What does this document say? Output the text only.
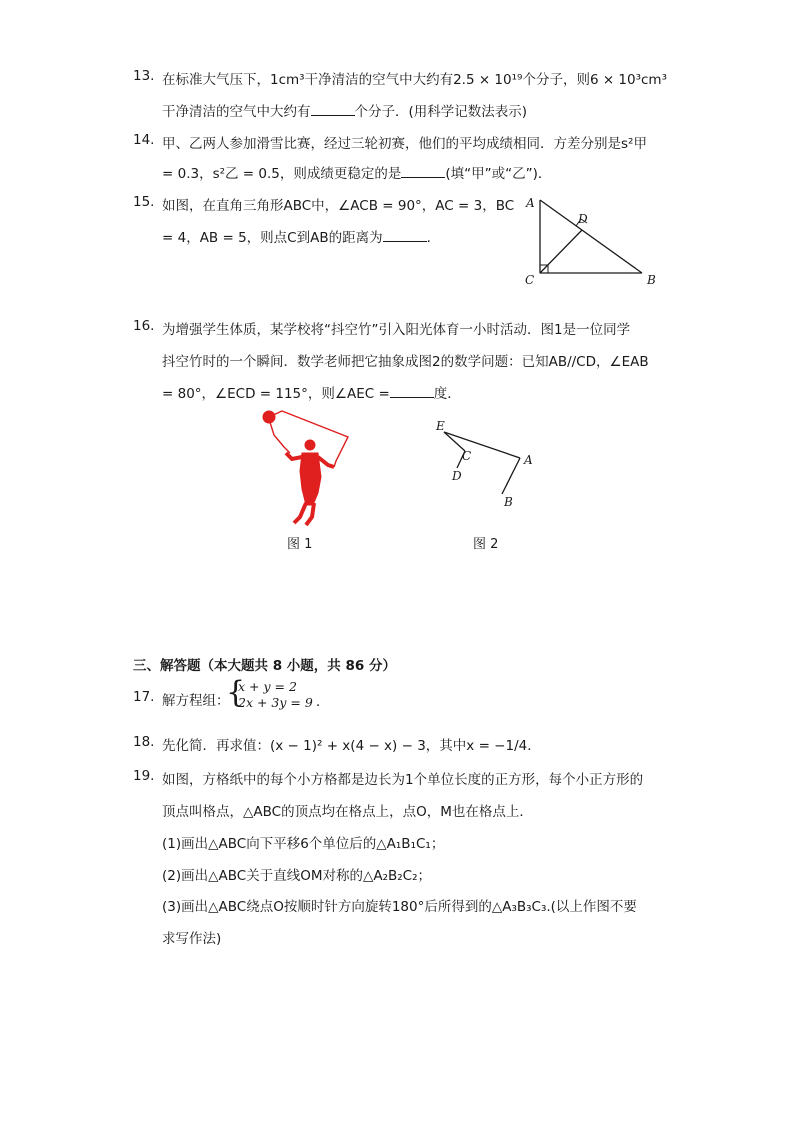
13. 在标准大气压下，1cm³干净清洁的空气中大约有2.5 × 10¹⁹个分子，则6 × 10³cm³
干净清洁的空气中大约有	个分子．(用科学记数法表示)
14. 甲、乙两人参加滑雪比赛，经过三轮初赛，他们的平均成绩相同．方差分别是s²甲
= 0.3，s²乙 = 0.5，则成绩更稳定的是	(填“甲”或“乙”)．
15. 如图，在直角三角形ABC中，∠ACB = 90°，AC = 3，BC
= 4，AB = 5，则点C到AB的距离为	．
A
B
C
D
16. 为增强学生体质，某学校将“抖空竹”引入阳光体育一小时活动．图1是一位同学
抖空竹时的一个瞬间．数学老师把它抽象成图2的数学问题：已知AB//CD，∠EAB
= 80°，∠ECD = 115°，则∠AEC =	度．
图 1
E
C
D
A
B
图 2
三、解答题（本大题共 8 小题，共 86 分）
17. 解方程组：
{
x + y = 2
2x + 3y = 9 ．
18. 先化简．再求值：(x − 1)² + x(4 − x) − 3，其中x = −1/4．
19. 如图，方格纸中的每个小方格都是边长为1个单位长度的正方形，每个小正方形的
顶点叫格点，△ABC的顶点均在格点上，点O，M也在格点上．
(1)画出△ABC向下平移6个单位后的△A₁B₁C₁；
(2)画出△ABC关于直线OM对称的△A₂B₂C₂；
(3)画出△ABC绕点O按顺时针方向旋转180°后所得到的△A₃B₃C₃.(以上作图不要
求写作法)
